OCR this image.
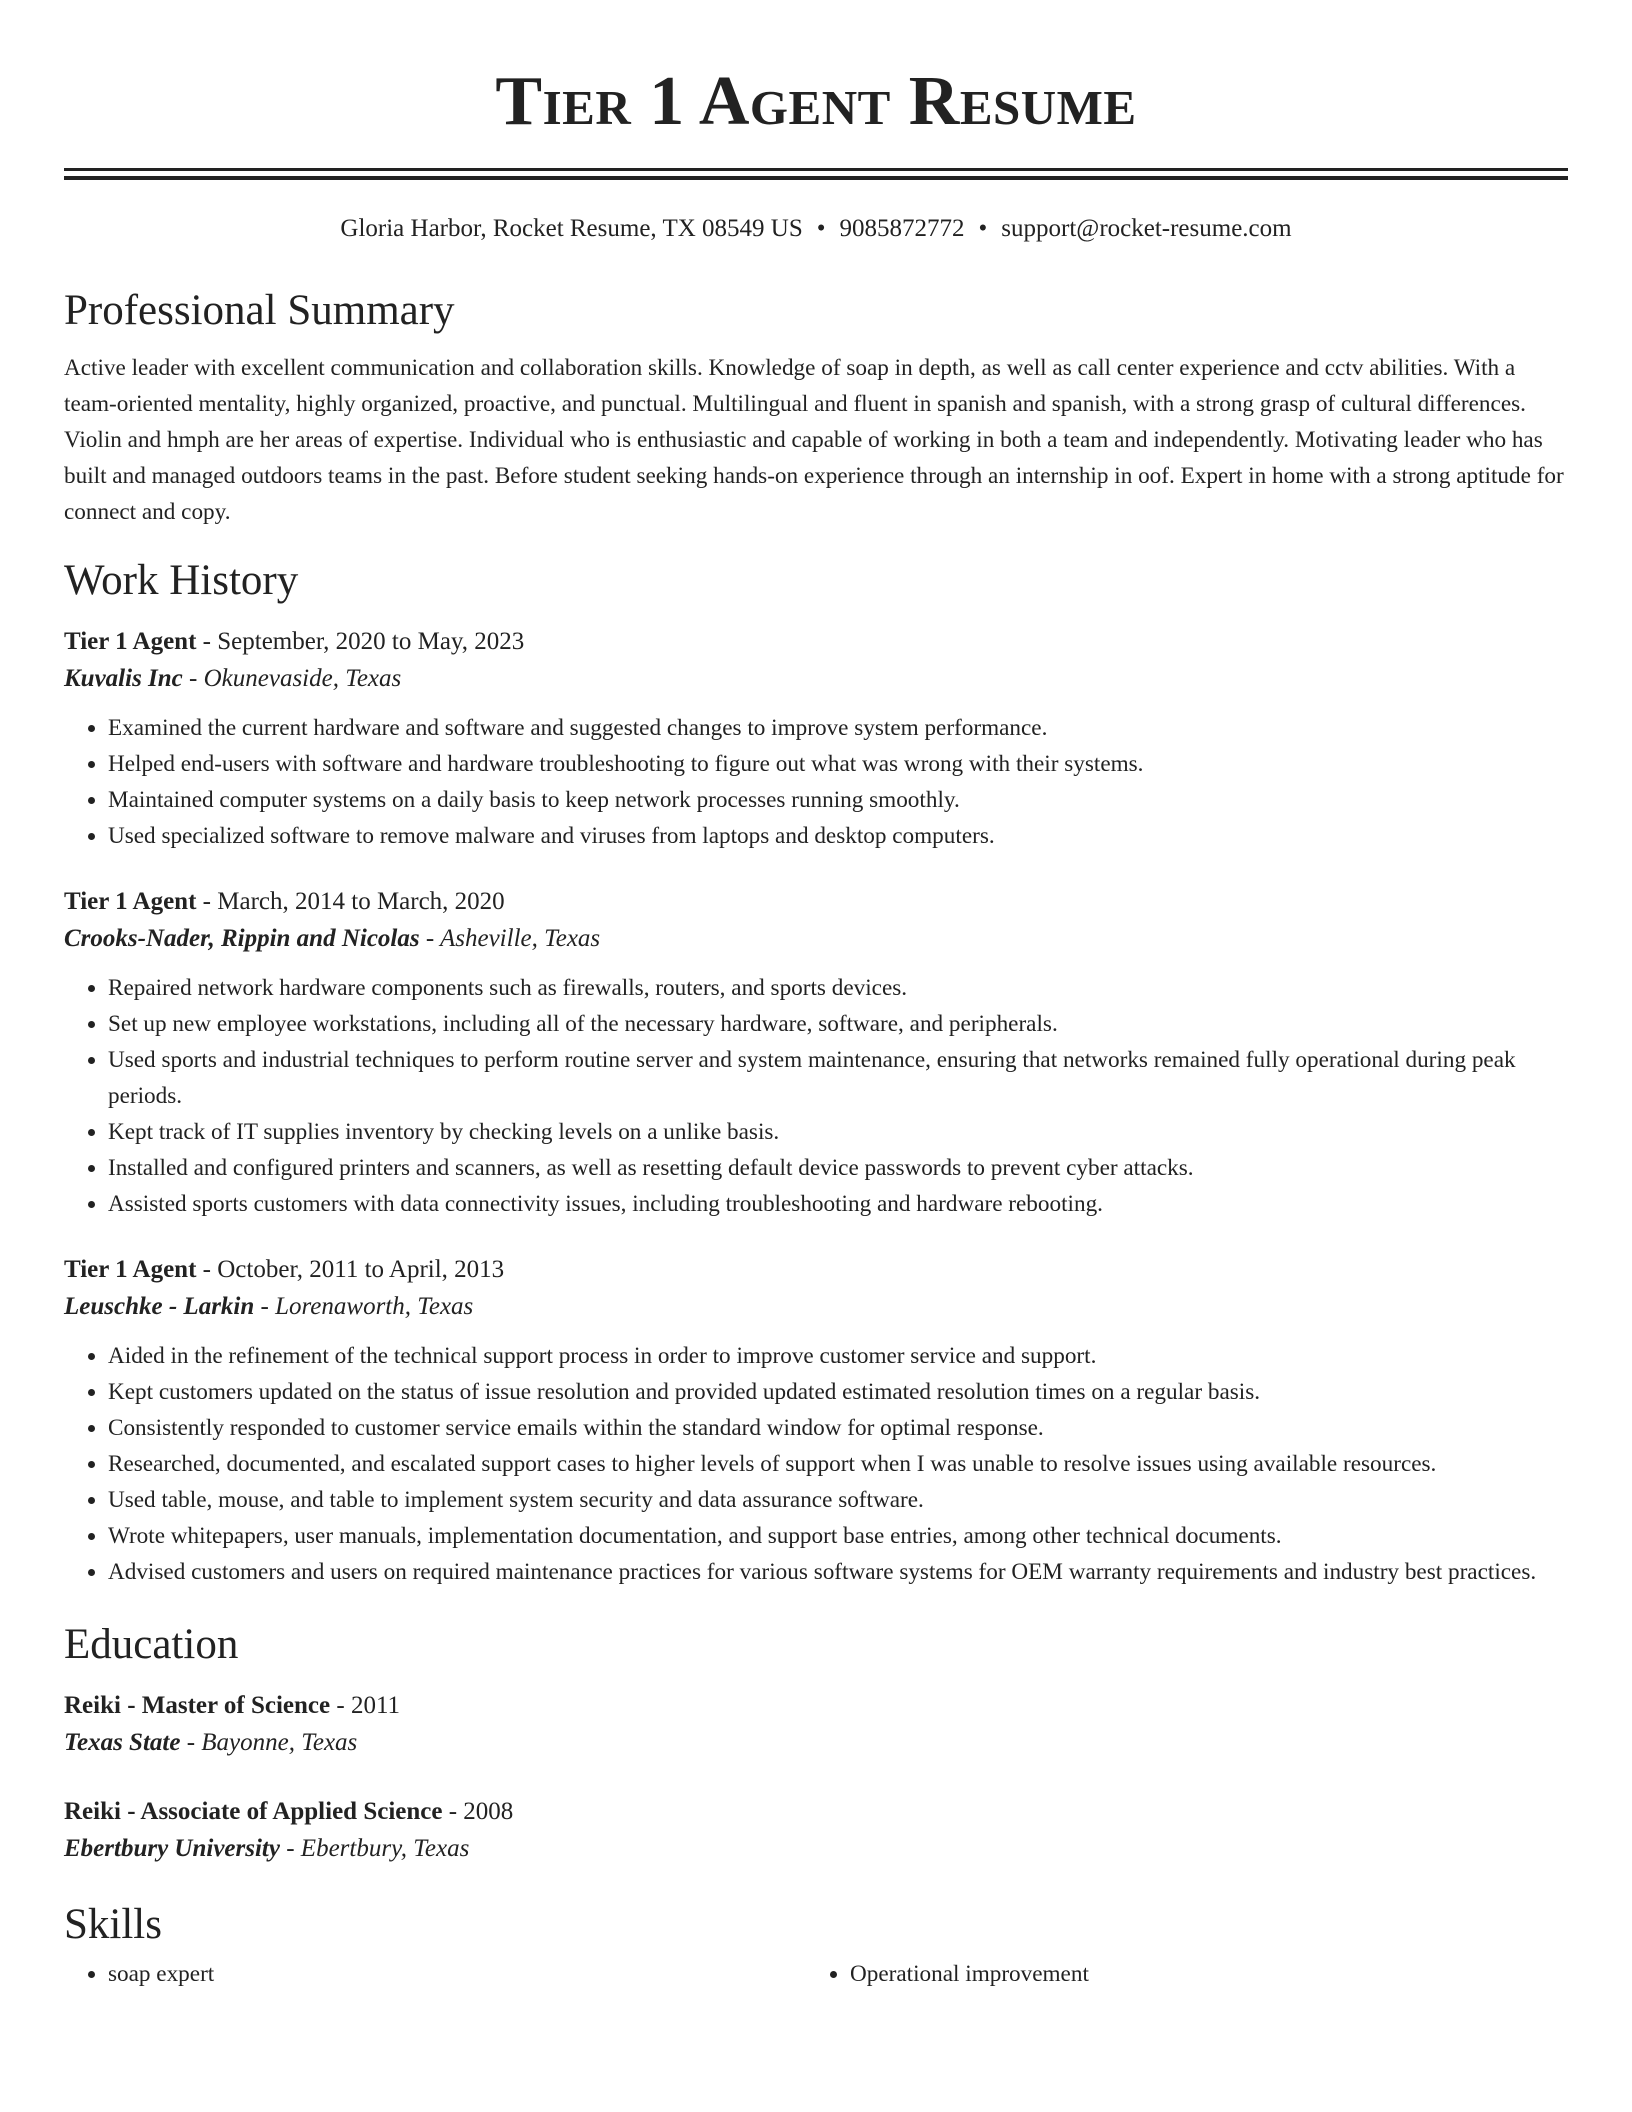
Tier 1 Agent Resume
Gloria Harbor, Rocket Resume, TX 08549 US • 9085872772 • support@rocket-resume.com
Professional Summary
Active leader with excellent communication and collaboration skills. Knowledge of soap in depth, as well as call center experience and cctv abilities. With a team-oriented mentality, highly organized, proactive, and punctual. Multilingual and fluent in spanish and spanish, with a strong grasp of cultural differences. Violin and hmph are her areas of expertise. Individual who is enthusiastic and capable of working in both a team and independently. Motivating leader who has built and managed outdoors teams in the past. Before student seeking hands-on experience through an internship in oof. Expert in home with a strong aptitude for connect and copy.
Work History
Tier 1 Agent - September, 2020 to May, 2023
Kuvalis Inc - Okunevaside, Texas
• Examined the current hardware and software and suggested changes to improve system performance.
• Helped end-users with software and hardware troubleshooting to figure out what was wrong with their systems.
• Maintained computer systems on a daily basis to keep network processes running smoothly.
• Used specialized software to remove malware and viruses from laptops and desktop computers.
Tier 1 Agent - March, 2014 to March, 2020
Crooks-Nader, Rippin and Nicolas - Asheville, Texas
• Repaired network hardware components such as firewalls, routers, and sports devices.
• Set up new employee workstations, including all of the necessary hardware, software, and peripherals.
• Used sports and industrial techniques to perform routine server and system maintenance, ensuring that networks remained fully operational during peak periods.
• Kept track of IT supplies inventory by checking levels on a unlike basis.
• Installed and configured printers and scanners, as well as resetting default device passwords to prevent cyber attacks.
• Assisted sports customers with data connectivity issues, including troubleshooting and hardware rebooting.
Tier 1 Agent - October, 2011 to April, 2013
Leuschke - Larkin - Lorenaworth, Texas
• Aided in the refinement of the technical support process in order to improve customer service and support.
• Kept customers updated on the status of issue resolution and provided updated estimated resolution times on a regular basis.
• Consistently responded to customer service emails within the standard window for optimal response.
• Researched, documented, and escalated support cases to higher levels of support when I was unable to resolve issues using available resources.
• Used table, mouse, and table to implement system security and data assurance software.
• Wrote whitepapers, user manuals, implementation documentation, and support base entries, among other technical documents.
• Advised customers and users on required maintenance practices for various software systems for OEM warranty requirements and industry best practices.
Education
Reiki - Master of Science - 2011
Texas State - Bayonne, Texas
Reiki - Associate of Applied Science - 2008
Ebertbury University - Ebertbury, Texas
Skills
• soap expert
•	Operational improvement
